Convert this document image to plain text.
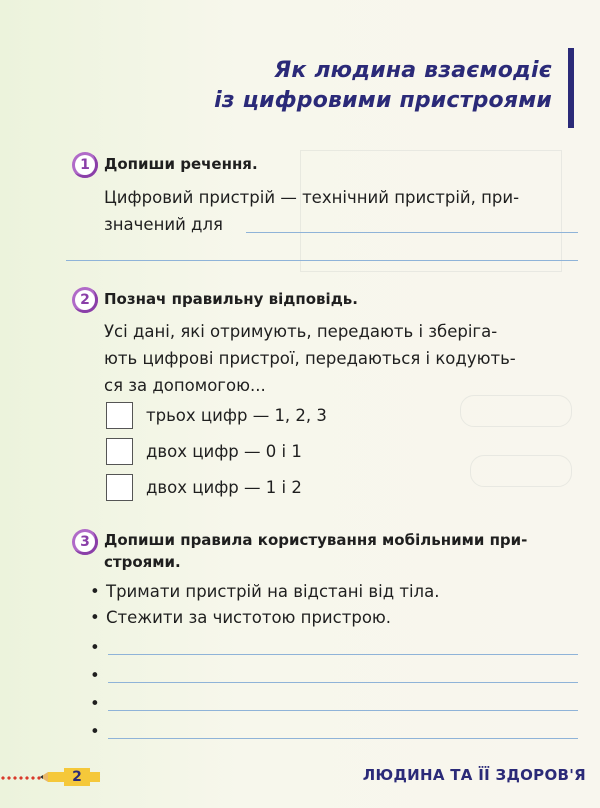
Як людина взаємодіє
із цифровими пристроями
1 Допиши речення.
Цифровий пристрій — технічний пристрій, при-
значений для
2 Познач правильну відповідь.
Усі дані, які отримують, передають і зберіга-
ють цифрові пристрої, передаються і кодують-
ся за допомогою...
трьох цифр — 1, 2, 3
двох цифр — 0 і 1
двох цифр — 1 і 2
3 Допиши правила користування мобільними при-
строями.
• Тримати пристрій на відстані від тіла.
• Стежити за чистотою пристрою.
•
•
•
•
2	ЛЮДИНА ТА ЇЇ ЗДОРОВ'Я
